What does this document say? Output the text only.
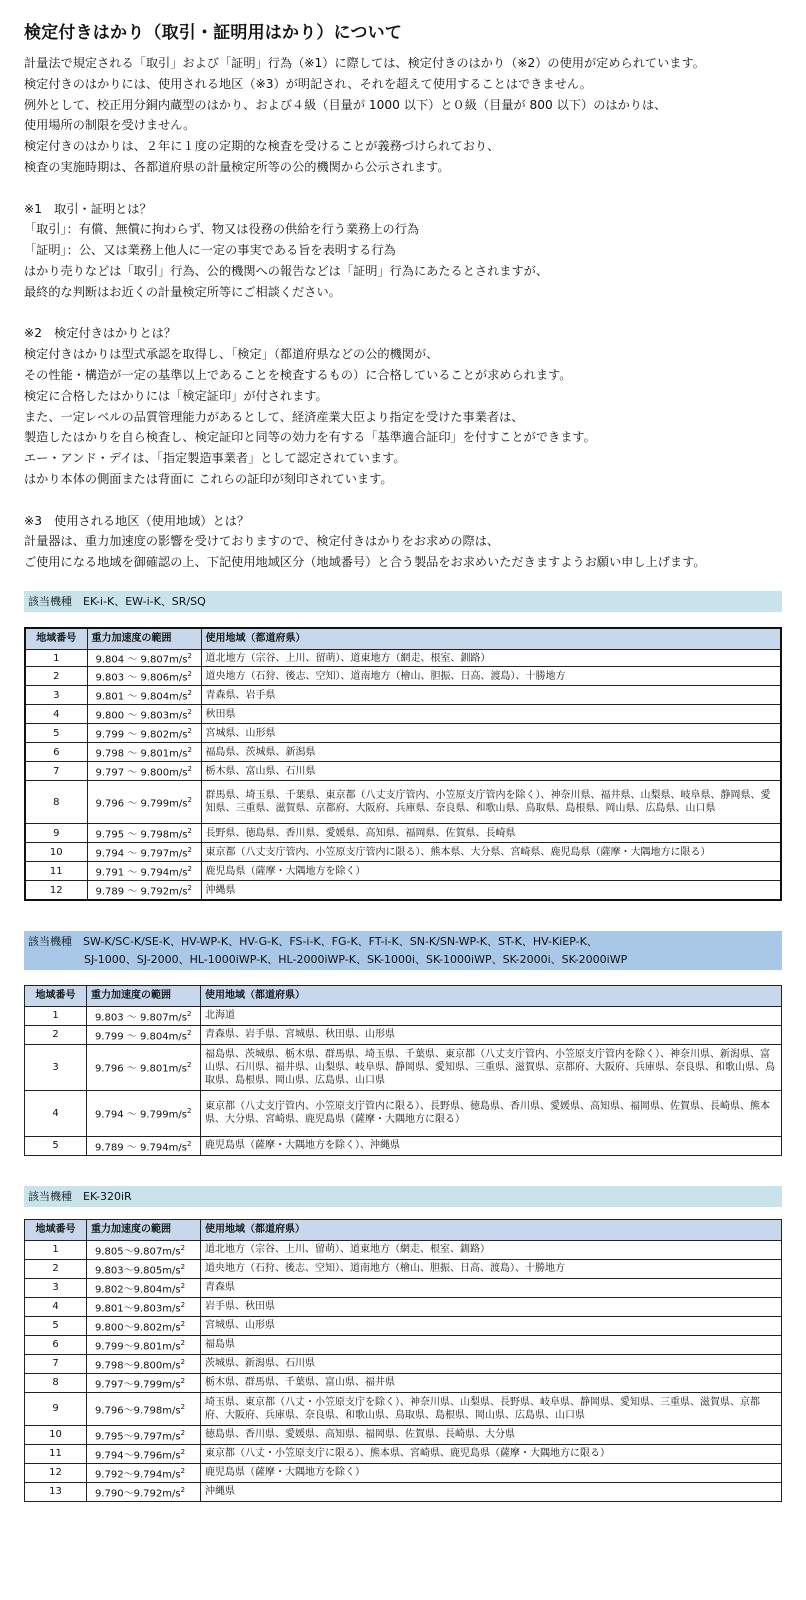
検定付きはかり（取引・証明用はかり）について
計量法で規定される「取引」および「証明」行為（※1）に際しては、検定付きのはかり（※2）の使用が定められています。
検定付きのはかりには、使用される地区（※3）が明記され、それを超えて使用することはできません。
例外として、校正用分銅内蔵型のはかり、および４級（目量が 1000 以下）と０級（目量が 800 以下）のはかりは、
使用場所の制限を受けません。
検定付きのはかりは、２年に１度の定期的な検査を受けることが義務づけられており、
検査の実施時期は、各都道府県の計量検定所等の公的機関から公示されます。
※1　取引・証明とは？
「取引」：有償、無償に拘わらず、物又は役務の供給を行う業務上の行為
「証明」：公、又は業務上他人に一定の事実である旨を表明する行為
はかり売りなどは「取引」行為、公的機関への報告などは「証明」行為にあたるとされますが、
最終的な判断はお近くの計量検定所等にご相談ください。
※2　検定付きはかりとは？
検定付きはかりは型式承認を取得し、「検定」（都道府県などの公的機関が、
その性能・構造が一定の基準以上であることを検査するもの）に合格していることが求められます。
検定に合格したはかりには「検定証印」が付されます。
また、一定レベルの品質管理能力があるとして、経済産業大臣より指定を受けた事業者は、
製造したはかりを自ら検査し、検定証印と同等の効力を有する「基準適合証印」を付すことができます。
エー・アンド・デイは、「指定製造事業者」として認定されています。
はかり本体の側面または背面に これらの証印が刻印されています。
※3　使用される地区（使用地域）とは？
計量器は、重力加速度の影響を受けておりますので、検定付きはかりをお求めの際は、
ご使用になる地域を御確認の上、下記使用地域区分（地域番号）と合う製品をお求めいただきますようお願い申し上げます。
該当機種　EK-i-K、EW-i-K、SR/SQ
地域番号	重力加速度の範囲	使用地域（都道府県）
1	9.804 ～ $9.807m/s^2$	道北地方（宗谷、上川、留萌）、道東地方（網走、根室、釧路）
2	9.803 ～ $9.806m/s^2$	道央地方（石狩、後志、空知）、道南地方（檜山、胆振、日高、渡島）、十勝地方
3	9.801 ～ $9.804m/s^2$	青森県、岩手県
4	9.800 ～ $9.803m/s^2$	秋田県
5	9.799 ～ $9.802m/s^2$	宮城県、山形県
6	9.798 ～ $9.801m/s^2$	福島県、茨城県、新潟県
7	9.797 ～ $9.800m/s^2$	栃木県、富山県、石川県
8	9.796 ～ $9.799m/s^2$	群馬県、埼玉県、千葉県、東京都（八丈支庁管内、小笠原支庁管内を除く）、神奈川県、福井県、山梨県、岐阜県、静岡県、愛知県、三重県、滋賀県、京都府、大阪府、兵庫県、奈良県、和歌山県、鳥取県、島根県、岡山県、広島県、山口県
9	9.795 ～ $9.798m/s^2$	長野県、徳島県、香川県、愛媛県、高知県、福岡県、佐賀県、長崎県
10	9.794 ～ $9.797m/s^2$	東京都（八丈支庁管内、小笠原支庁管内に限る）、熊本県、大分県、宮崎県、鹿児島県（薩摩・大隅地方に限る）
11	9.791 ～ $9.794m/s^2$	鹿児島県（薩摩・大隅地方を除く）
12	9.789 ～ $9.792m/s^2$	沖縄県
該当機種　SW-K/SC-K/SE-K、HV-WP-K、HV-G-K、FS-i-K、FG-K、FT-i-K、SN-K/SN-WP-K、ST-K、HV-KiEP-K、
SJ-1000、SJ-2000、HL-1000iWP-K、HL-2000iWP-K、SK-1000i、SK-1000iWP、SK-2000i、SK-2000iWP
地域番号	重力加速度の範囲	使用地域（都道府県）
1	9.803 ～ $9.807m/s^2$	北海道
2	9.799 ～ $9.804m/s^2$	青森県、岩手県、宮城県、秋田県、山形県
3	9.796 ～ $9.801m/s^2$	福島県、茨城県、栃木県、群馬県、埼玉県、千葉県、東京都（八丈支庁管内、小笠原支庁管内を除く）、神奈川県、新潟県、富山県、石川県、福井県、山梨県、岐阜県、静岡県、愛知県、三重県、滋賀県、京都府、大阪府、兵庫県、奈良県、和歌山県、鳥取県、島根県、岡山県、広島県、山口県
4	9.794 ～ $9.799m/s^2$	東京都（八丈支庁管内、小笠原支庁管内に限る）、長野県、徳島県、香川県、愛媛県、高知県、福岡県、佐賀県、長崎県、熊本県、大分県、宮崎県、鹿児島県（薩摩・大隅地方に限る）
5	9.789 ～ $9.794m/s^2$	鹿児島県（薩摩・大隅地方を除く）、沖縄県
該当機種　EK-320iR
地域番号	重力加速度の範囲	使用地域（都道府県）
1	$9.805\sim 9.807m/s^2$	道北地方（宗谷、上川、留萌）、道東地方（網走、根室、釧路）
2	$9.803\sim 9.805m/s^2$	道央地方（石狩、後志、空知）、道南地方（檜山、胆振、日高、渡島）、十勝地方
3	$9.802\sim 9.804m/s^2$	青森県
4	$9.801\sim 9.803m/s^2$	岩手県、秋田県
5	$9.800\sim 9.802m/s^2$	宮城県、山形県
6	$9.799\sim 9.801m/s^2$	福島県
7	$9.798\sim 9.800m/s^2$	茨城県、新潟県、石川県
8	$9.797\sim 9.799m/s^2$	栃木県、群馬県、千葉県、富山県、福井県
9	$9.796\sim 9.798m/s^2$	埼玉県、東京都（八丈・小笠原支庁を除く）、神奈川県、山梨県、長野県、岐阜県、静岡県、愛知県、三重県、滋賀県、京都府、大阪府、兵庫県、奈良県、和歌山県、鳥取県、島根県、岡山県、広島県、山口県
10	$9.795\sim 9.797m/s^2$	徳島県、香川県、愛媛県、高知県、福岡県、佐賀県、長崎県、大分県
11	$9.794\sim 9.796m/s^2$	東京都（八丈・小笠原支庁に限る）、熊本県、宮崎県、鹿児島県（薩摩・大隅地方に限る）
12	$9.792\sim 9.794m/s^2$	鹿児島県（薩摩・大隅地方を除く）
13	$9.790\sim 9.792m/s^2$	沖縄県
